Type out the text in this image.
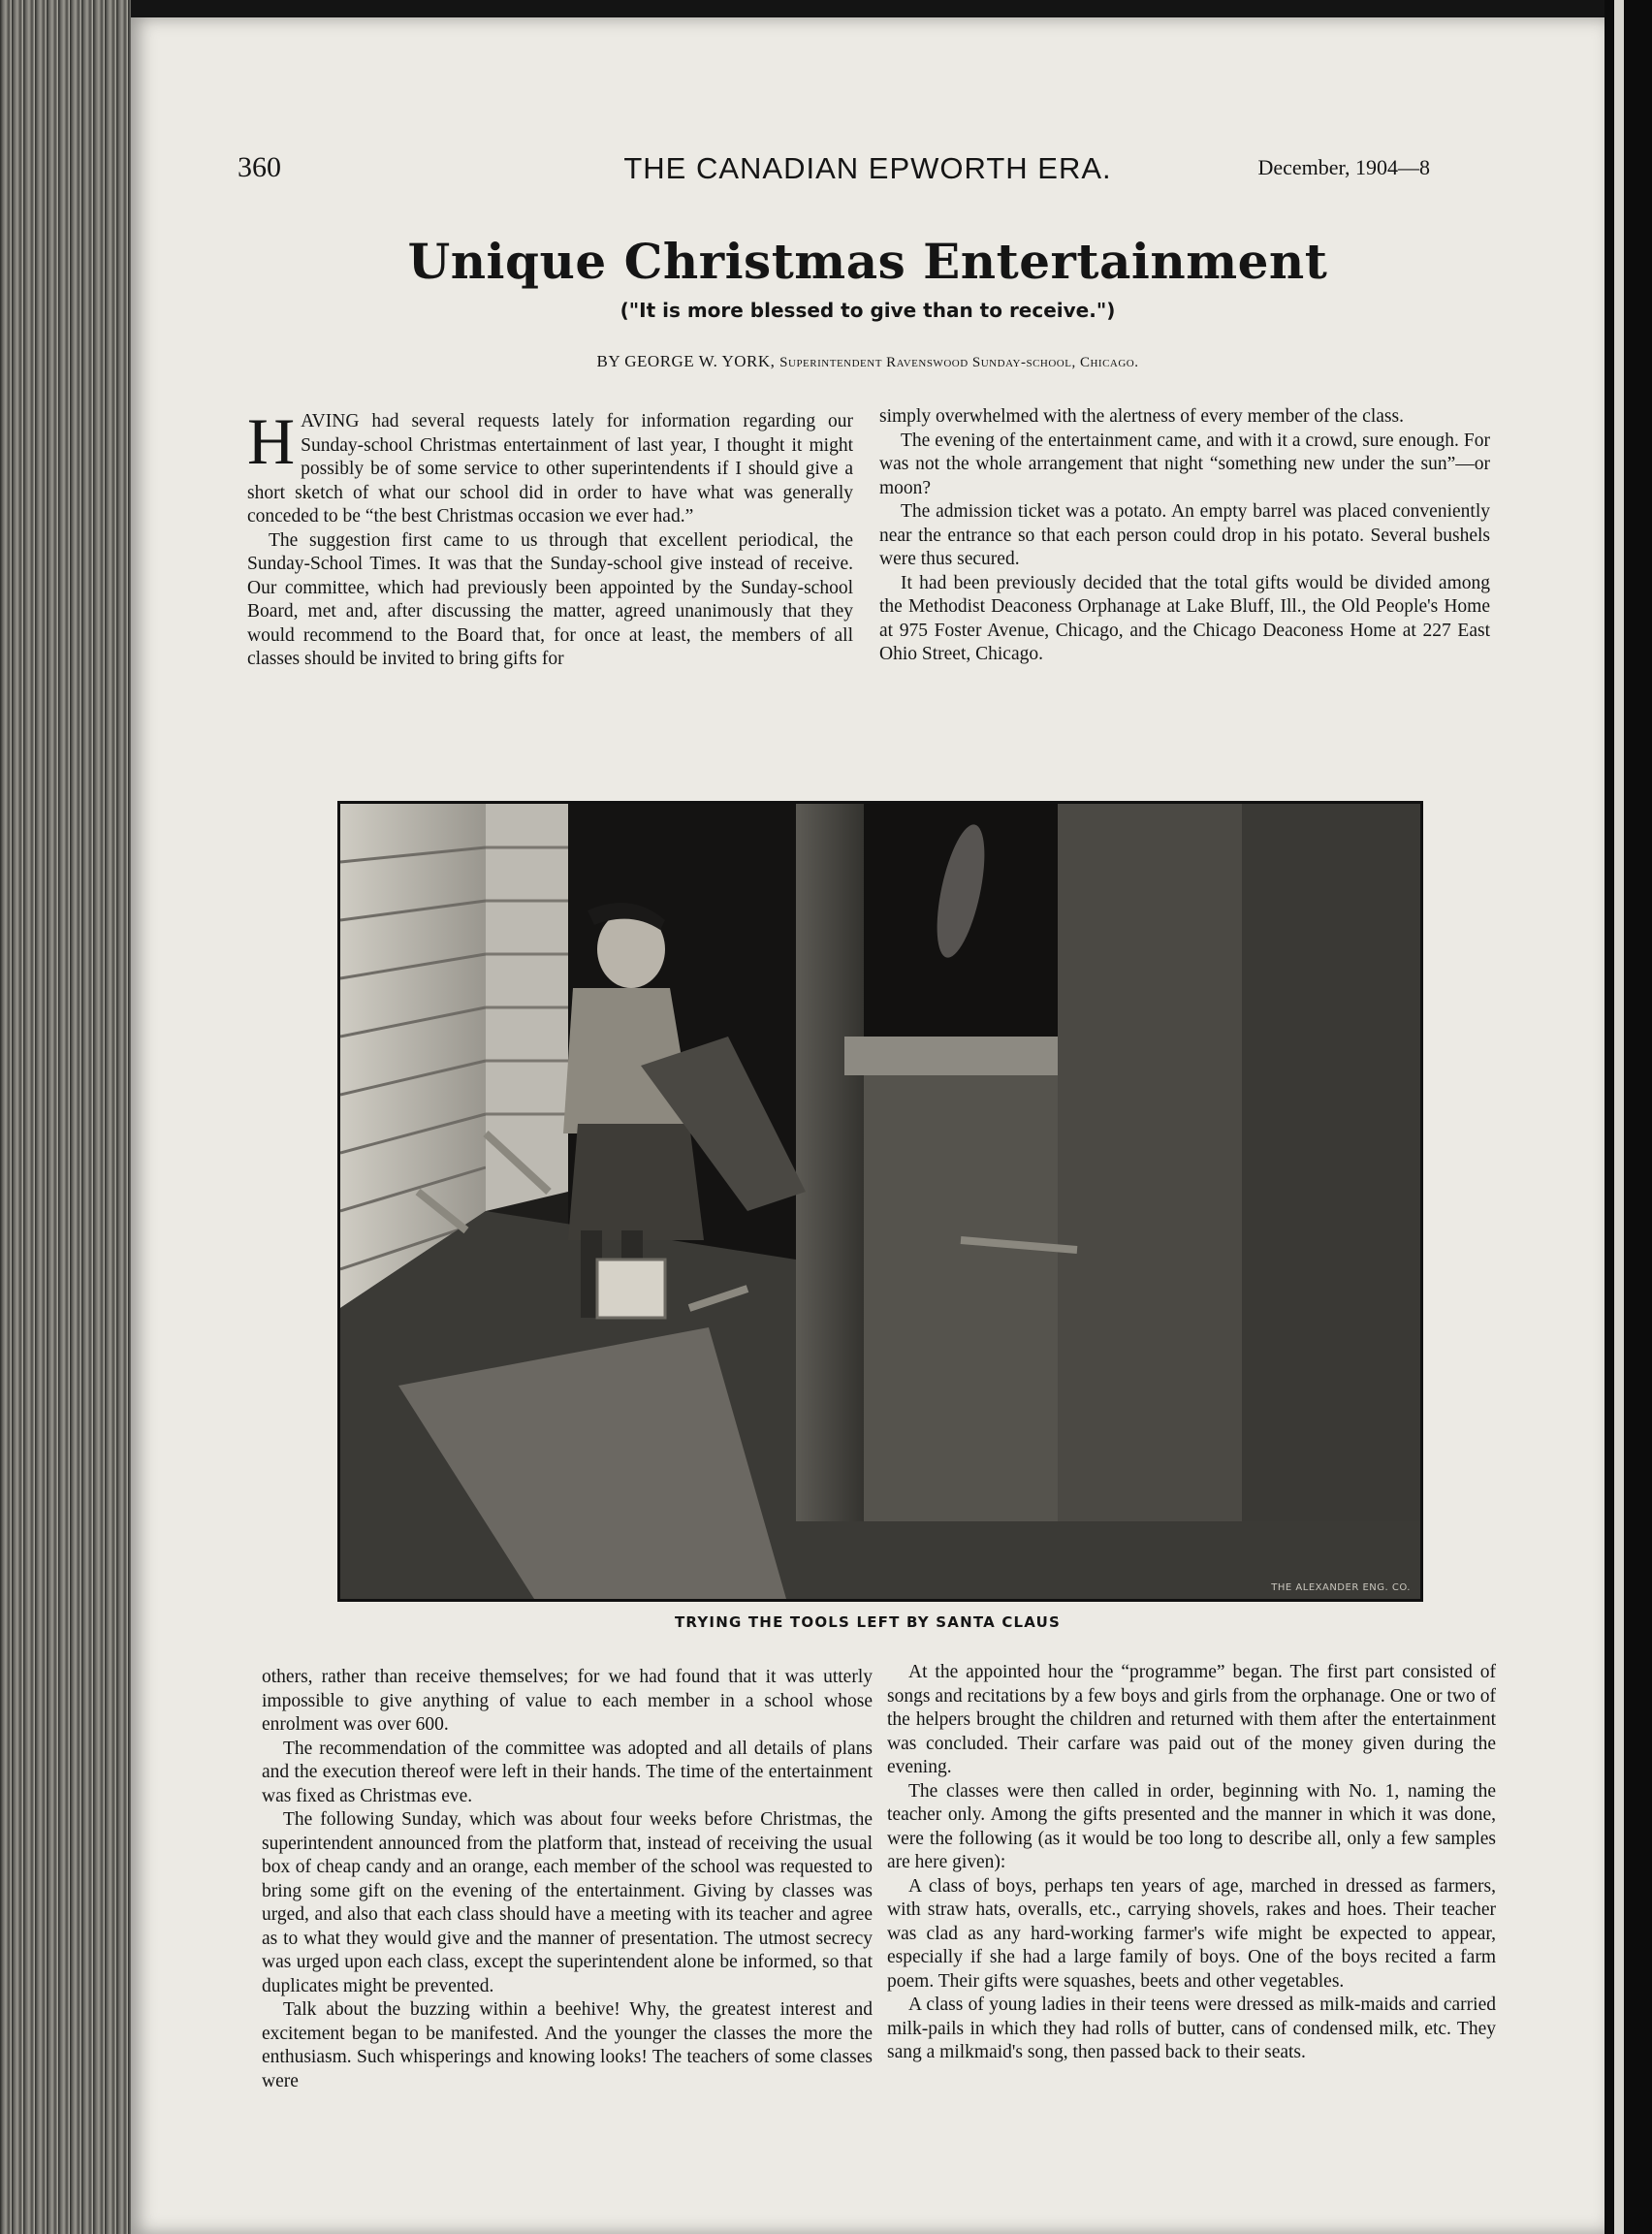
360	THE CANADIAN EPWORTH ERA.	December, 1904—8
Unique Christmas Entertainment
("It is more blessed to give than to receive.")
BY GEORGE W. YORK, Superintendent Ravenswood Sunday-school, Chicago.

HAVING had several requests lately for information regarding our Sunday-school Christmas entertainment of last year, I thought it might possibly be of some service to other superintendents if I should give a short sketch of what our school did in order to have what was generally conceded to be “the best Christmas occasion we ever had.”

The suggestion first came to us through that excellent periodical, the Sunday-School Times. It was that the Sunday-school give instead of receive. Our committee, which had previously been appointed by the Sunday-school Board, met and, after discussing the matter, agreed unanimously that they would recommend to the Board that, for once at least, the members of all classes should be invited to bring gifts for

simply overwhelmed with the alertness of every member of the class.

The evening of the entertainment came, and with it a crowd, sure enough. For was not the whole arrangement that night “something new under the sun”—or moon?

The admission ticket was a potato. An empty barrel was placed conveniently near the entrance so that each person could drop in his potato. Several bushels were thus secured.

It had been previously decided that the total gifts would be divided among the Methodist Deaconess Orphanage at Lake Bluff, Ill., the Old People's Home at 975 Foster Avenue, Chicago, and the Chicago Deaconess Home at 227 East Ohio Street, Chicago.

THE ALEXANDER ENG. CO.
TRYING THE TOOLS LEFT BY SANTA CLAUS

others, rather than receive themselves; for we had found that it was utterly impossible to give anything of value to each member in a school whose enrolment was over 600.

The recommendation of the committee was adopted and all details of plans and the execution thereof were left in their hands. The time of the entertainment was fixed as Christmas eve.

The following Sunday, which was about four weeks before Christmas, the superintendent announced from the platform that, instead of receiving the usual box of cheap candy and an orange, each member of the school was requested to bring some gift on the evening of the entertainment. Giving by classes was urged, and also that each class should have a meeting with its teacher and agree as to what they would give and the manner of presentation. The utmost secrecy was urged upon each class, except the superintendent alone be informed, so that duplicates might be prevented.

Talk about the buzzing within a beehive! Why, the greatest interest and excitement began to be manifested. And the younger the classes the more the enthusiasm. Such whisperings and knowing looks! The teachers of some classes were

At the appointed hour the “programme” began. The first part consisted of songs and recitations by a few boys and girls from the orphanage. One or two of the helpers brought the children and returned with them after the entertainment was concluded. Their carfare was paid out of the money given during the evening.

The classes were then called in order, beginning with No. 1, naming the teacher only. Among the gifts presented and the manner in which it was done, were the following (as it would be too long to describe all, only a few samples are here given):

A class of boys, perhaps ten years of age, marched in dressed as farmers, with straw hats, overalls, etc., carrying shovels, rakes and hoes. Their teacher was clad as any hard-working farmer's wife might be expected to appear, especially if she had a large family of boys. One of the boys recited a farm poem. Their gifts were squashes, beets and other vegetables.

A class of young ladies in their teens were dressed as milk-maids and carried milk-pails in which they had rolls of butter, cans of condensed milk, etc. They sang a milkmaid's song, then passed back to their seats.
